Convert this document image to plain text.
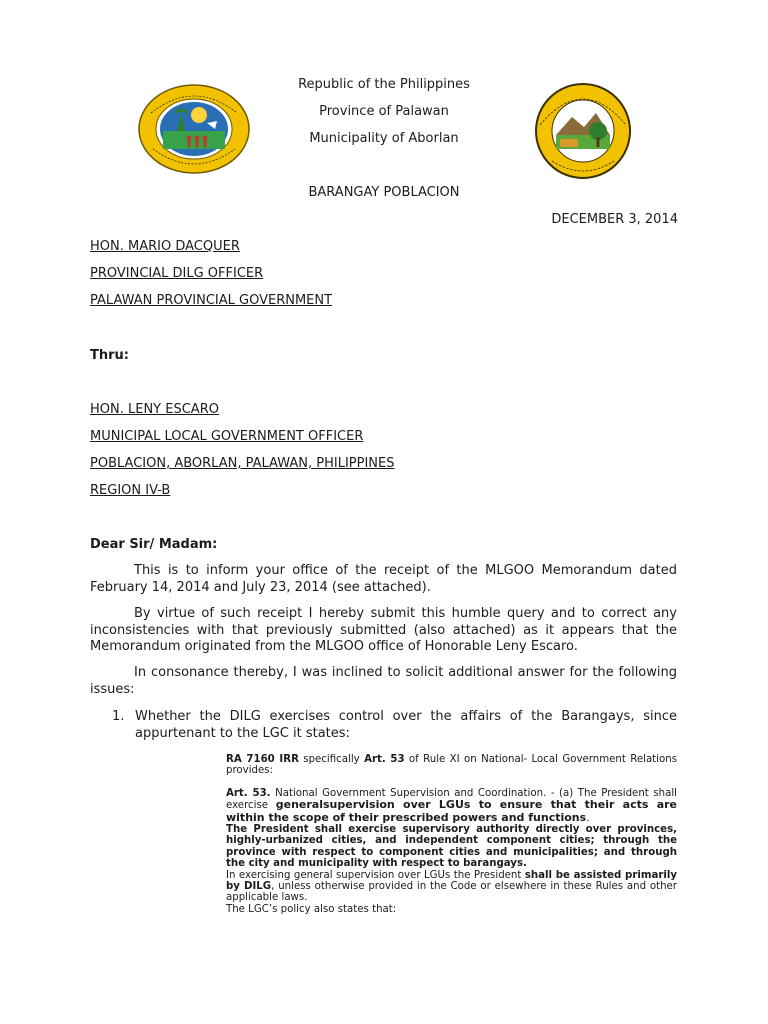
Republic of the Philippines
Province of Palawan
Municipality of Aborlan
BARANGAY POBLACION
DECEMBER 3, 2014
HON. MARIO DACQUER
PROVINCIAL DILG OFFICER
PALAWAN PROVINCIAL GOVERNMENT
Thru:
HON. LENY ESCARO
MUNICIPAL LOCAL GOVERNMENT OFFICER
POBLACION, ABORLAN, PALAWAN, PHILIPPINES
REGION IV-B
Dear Sir/ Madam:
This is to inform your office of the receipt of the MLGOO Memorandum dated February 14, 2014 and July 23, 2014 (see attached).
By virtue of such receipt I hereby submit this humble query and to correct any inconsistencies with that previously submitted (also attached) as it appears that the Memorandum originated from the MLGOO office of Honorable Leny Escaro.
In consonance thereby, I was inclined to solicit additional answer for the following issues:
1. Whether the DILG exercises control over the affairs of the Barangays, since appurtenant to the LGC it states:

RA 7160 IRR specifically Art. 53 of Rule XI on National- Local Government Relations provides:

Art. 53. National Government Supervision and Coordination. - (a) The President shall exercise generalsupervision over LGUs to ensure that their acts are within the scope of their prescribed powers and functions.

The President shall exercise supervisory authority directly over provinces, highly-urbanized cities, and independent component cities; through the province with respect to component cities and municipalities; and through the city and municipality with respect to barangays.

In exercising general supervision over LGUs the President shall be assisted primarily by DILG, unless otherwise provided in the Code or elsewhere in these Rules and other applicable laws.

The LGC’s policy also states that:
